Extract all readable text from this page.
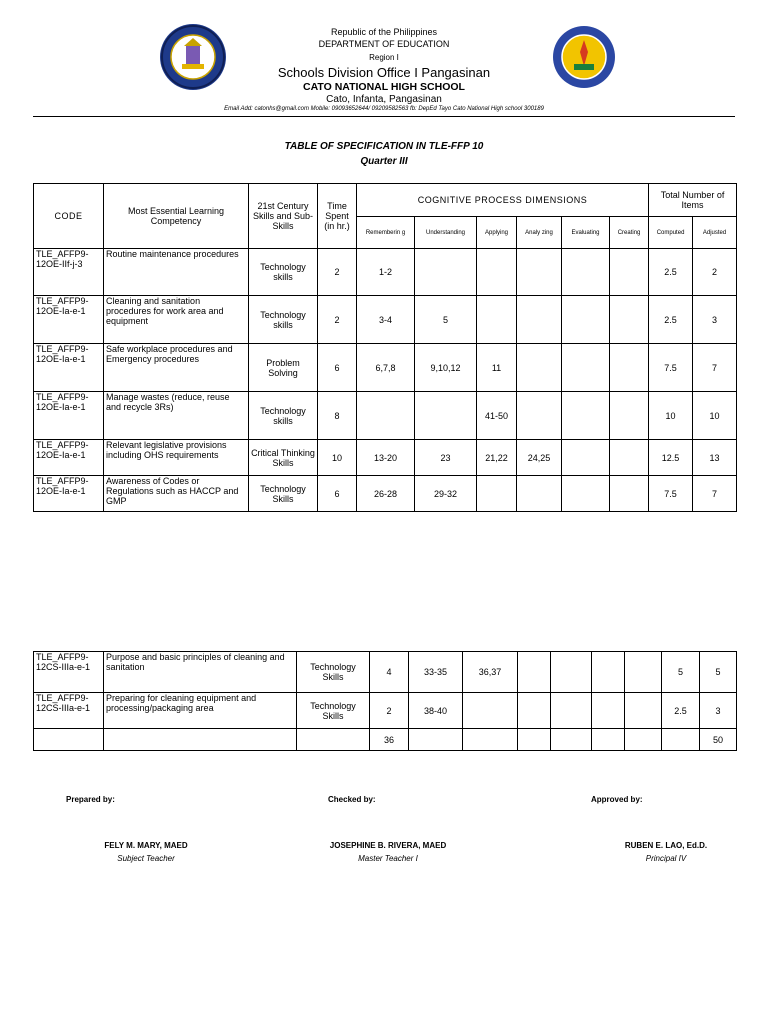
Republic of the Philippines
DEPARTMENT OF EDUCATION
Region I
Schools Division Office I Pangasinan
CATO NATIONAL HIGH SCHOOL
Cato, Infanta, Pangasinan
Email Add: catonhs@gmail.com Mobile: 09093652644/ 09209582563 fb: DepEd Tayo Cato National High school 300189
TABLE OF SPECIFICATION IN TLE-FFP 10
Quarter III
CODE	Most Essential Learning Competency	21st Century Skills and Sub-Skills	Time Spent (in hr.)	COGNITIVE PROCESS DIMENSIONS						Total Number of Items	
				Rememberin g	Understanding	Applying	Analy zing	Evaluating	Creating	Computed	Adjusted
TLE_AFFP9-12OE-IIf-j-3	Routine maintenance procedures	Technology skills	2	1-2						2.5	2
TLE_AFFP9-12OE-Ia-e-1	Cleaning and sanitation procedures for work area and equipment	Technology skills	2	3-4	5					2.5	3
TLE_AFFP9-12OE-Ia-e-1	Safe workplace procedures and Emergency procedures	Problem Solving	6	6,7,8	9,10,12	11				7.5	7
TLE_AFFP9-12OE-Ia-e-1	Manage wastes (reduce, reuse and recycle 3Rs)	Technology skills	8			41-50				10	10
TLE_AFFP9-12OE-Ia-e-1	Relevant legislative provisions including OHS requirements	Critical Thinking Skills	10	13-20	23	21,22	24,25			12.5	13
TLE_AFFP9-12OE-Ia-e-1	Awareness of Codes or Regulations such as HACCP and GMP	Technology Skills	6	26-28	29-32					7.5	7
TLE_AFFP9-12CS-IIIa-e-1	Purpose and basic principles of cleaning and sanitation	Technology Skills	4	33-35	36,37					5	5
TLE_AFFP9-12CS-IIIa-e-1	Preparing for cleaning equipment and processing/packaging area	Technology Skills	2	38-40						2.5	3
			36								50
Prepared by:	Checked by:	Approved by:
FELY M. MARY, MAED
Subject Teacher
JOSEPHINE B. RIVERA, MAED
Master Teacher I
RUBEN E. LAO, Ed.D.
Principal IV
